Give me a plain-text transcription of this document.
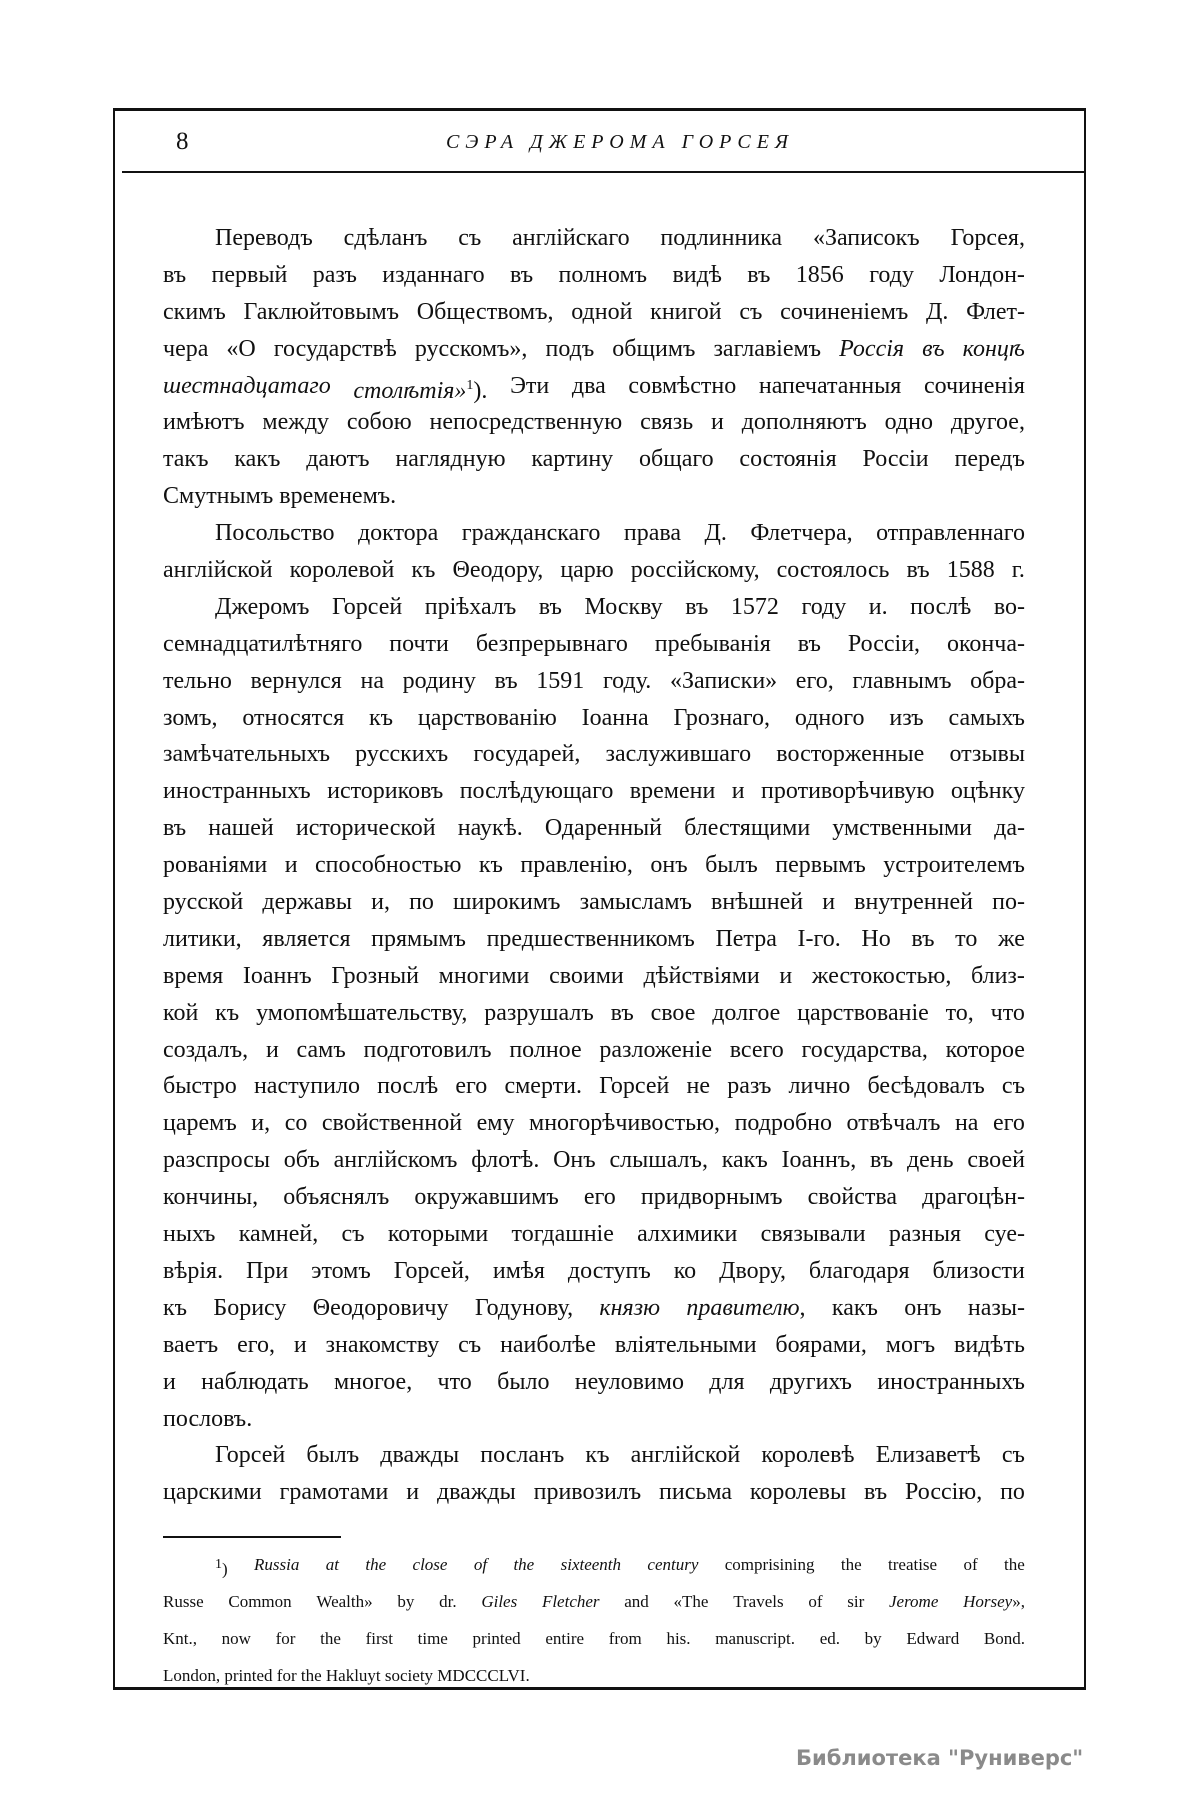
8	СЭРА ДЖЕРОМА ГОРСЕЯ
Переводъ сдѣланъ съ англійскаго подлинника «Записокъ Горсея,
въ первый разъ изданнаго въ полномъ видѣ въ 1856 году Лондон-
скимъ Гаклюйтовымъ Обществомъ, одной книгой съ сочиненіемъ Д. Флет-
чера «О государствѣ русскомъ», подъ общимъ заглавіемъ Россія въ концѣ
шестнадцатаго столѣтія»$^1$). Эти два совмѣстно напечатанныя сочиненія
имѣютъ между собою непосредственную связь и дополняютъ одно другое,
такъ какъ даютъ наглядную картину общаго состоянія Россіи передъ
Смутнымъ временемъ.
Посольство доктора гражданскаго права Д. Флетчера, отправленнаго
англійской королевой къ Θеодору, царю россійскому, состоялось въ 1588 г.
Джеромъ Горсей пріѣхалъ въ Москву въ 1572 году и. послѣ во-
семнадцатилѣтняго почти безпрерывнаго пребыванія въ Россіи, оконча-
тельно вернулся на родину въ 1591 году. «Записки» его, главнымъ обра-
зомъ, относятся къ царствованію Іоанна Грознаго, одного изъ самыхъ
замѣчательныхъ русскихъ государей, заслужившаго восторженные отзывы
иностранныхъ историковъ послѣдующаго времени и противорѣчивую оцѣнку
въ нашей исторической наукѣ. Одаренный блестящими умственными да-
рованіями и способностью къ правленію, онъ былъ первымъ устроителемъ
русской державы и, по широкимъ замысламъ внѣшней и внутренней по-
литики, является прямымъ предшественникомъ Петра I-го. Но въ то же
время Іоаннъ Грозный многими своими дѣйствіями и жестокостью, близ-
кой къ умопомѣшательству, разрушалъ въ свое долгое царствованіе то, что
создалъ, и самъ подготовилъ полное разложеніе всего государства, которое
быстро наступило послѣ его смерти. Горсей не разъ лично бесѣдовалъ съ
царемъ и, со свойственной ему многорѣчивостью, подробно отвѣчалъ на его
разспросы объ англійскомъ флотѣ. Онъ слышалъ, какъ Іоаннъ, въ день своей
кончины, объяснялъ окружавшимъ его придворнымъ свойства драгоцѣн-
ныхъ камней, съ которыми тогдашніе алхимики связывали разныя суе-
вѣрія. При этомъ Горсей, имѣя доступъ ко Двору, благодаря близости
къ Борису Θеодоровичу Годунову, князю правителю, какъ онъ назы-
ваетъ его, и знакомству съ наиболѣе вліятельными боярами, могъ видѣть
и наблюдать многое, что было неуловимо для другихъ иностранныхъ
пословъ.
Горсей былъ дважды посланъ къ англійской королевѣ Елизаветѣ съ
царскими грамотами и дважды привозилъ письма королевы въ Россію, по
$^1$) Russia at the close of the sixteenth century comprisining the treatise of the
Russe Common Wealth» by dr. Giles Fletcher and «The Travels of sir Jerome Horsey»,
Knt., now for the first time printed entire from his. manuscript. ed. by Edward Bond.
London, printed for the Hakluyt society MDCCCLVI.
Библиотека "Руниверс"
